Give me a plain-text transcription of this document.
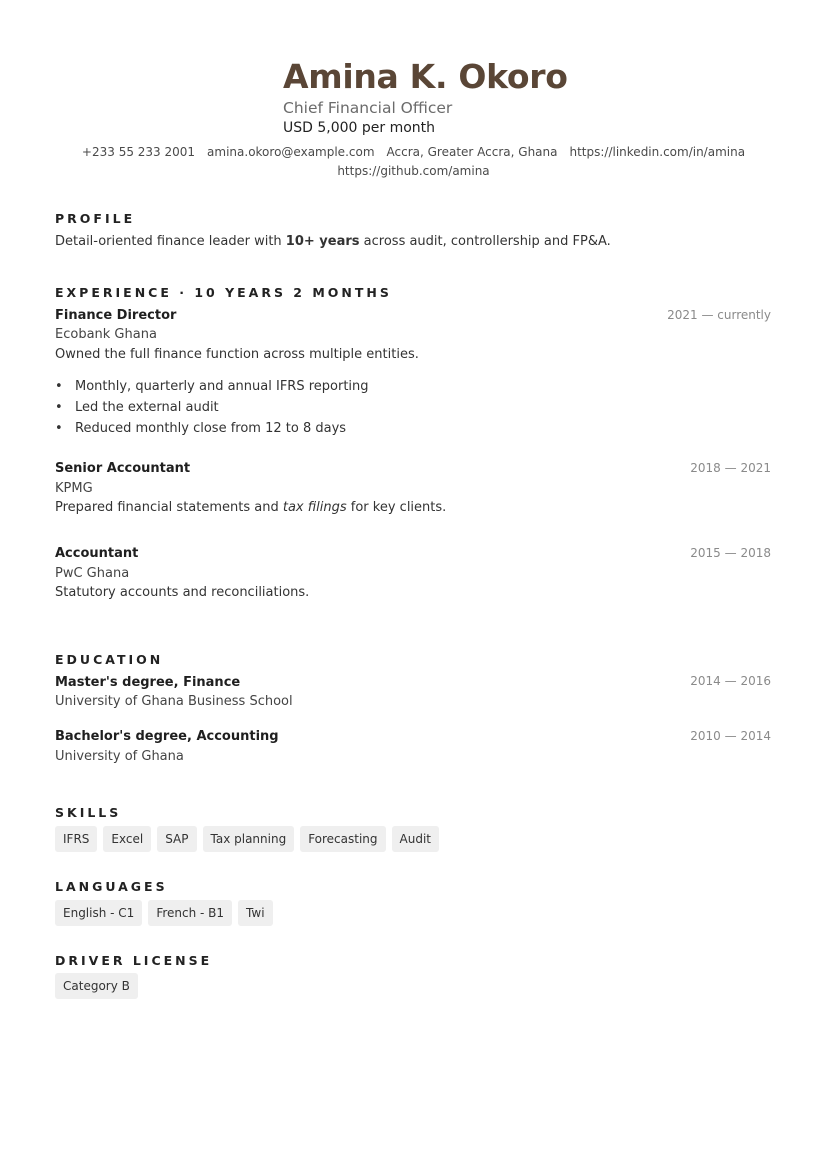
Amina K. Okoro
Chief Financial Officer
USD 5,000 per month
+233 55 233 2001 amina.okoro@example.com Accra, Greater Accra, Ghana https://linkedin.com/in/amina
https://github.com/amina
PROFILE
Detail-oriented finance leader with 10+ years across audit, controllership and FP&A.
EXPERIENCE · 10 YEARS 2 MONTHS
Finance Director	2021 — currently
Ecobank Ghana
Owned the full finance function across multiple entities.
• Monthly, quarterly and annual IFRS reporting
• Led the external audit
• Reduced monthly close from 12 to 8 days
Senior Accountant	2018 — 2021
KPMG
Prepared financial statements and tax filings for key clients.
Accountant	2015 — 2018
PwC Ghana
Statutory accounts and reconciliations.
EDUCATION
Master's degree, Finance	2014 — 2016
University of Ghana Business School
Bachelor's degree, Accounting	2010 — 2014
University of Ghana
SKILLS
IFRS	Excel	SAP	Tax planning	Forecasting	Audit
LANGUAGES
English - C1	French - B1	Twi
DRIVER LICENSE
Category B
